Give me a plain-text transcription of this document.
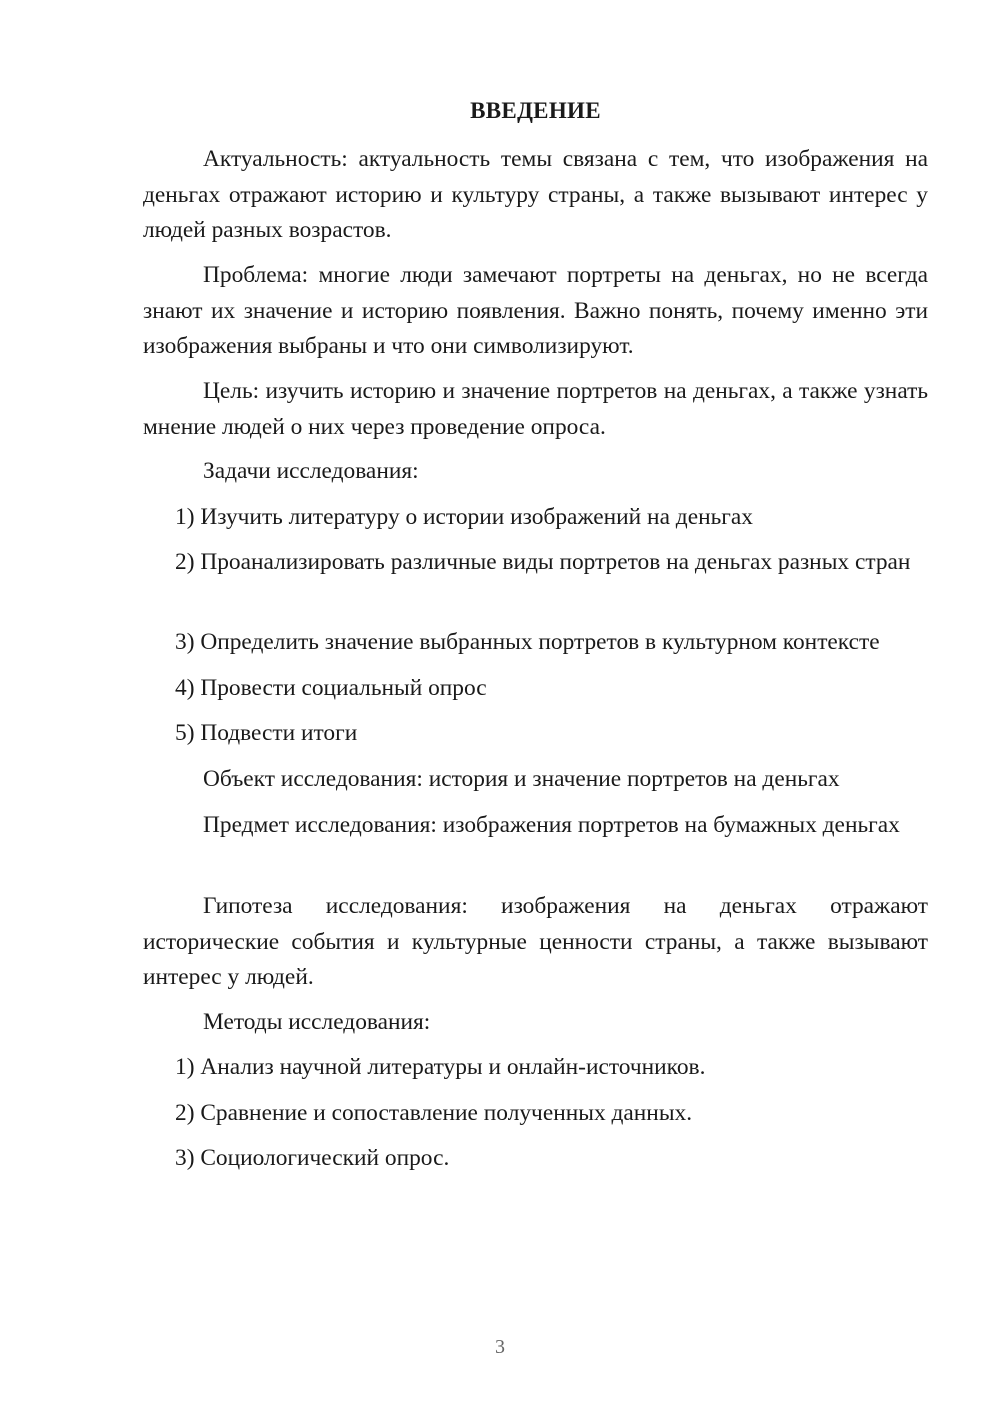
ВВЕДЕНИЕ
Актуальность: актуальность темы связана с тем, что изображения на деньгах отражают историю и культуру страны, а также вызывают интерес у людей разных возрастов.
Проблема: многие люди замечают портреты на деньгах, но не всегда знают их значение и историю появления. Важно понять, почему именно эти изображения выбраны и что они символизируют.
Цель: изучить историю и значение портретов на деньгах, а также узнать мнение людей о них через проведение опроса.
Задачи исследования:
1) Изучить литературу о истории изображений на деньгах
2) Проанализировать различные виды портретов на деньгах разных стран
3) Определить значение выбранных портретов в культурном контексте
4) Провести социальный опрос
5) Подвести итоги
Объект исследования: история и значение портретов на деньгах
Предмет исследования: изображения портретов на бумажных деньгах
Гипотеза исследования: изображения на деньгах отражают исторические события и культурные ценности страны, а также вызывают интерес у людей.
Методы исследования:
1) Анализ научной литературы и онлайн-источников.
2) Сравнение и сопоставление полученных данных.
3) Социологический опрос.
3
